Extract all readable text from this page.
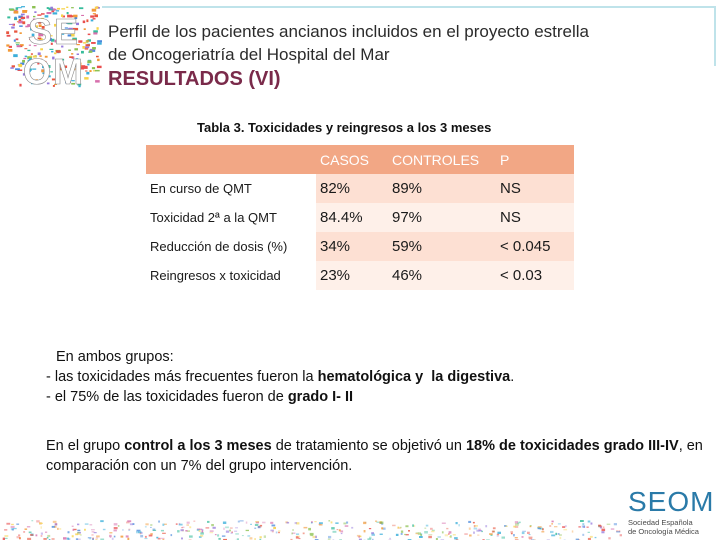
SE
OM
Perfil de los pacientes ancianos incluidos en el proyecto estrella
de Oncogeriatría del Hospital del Mar
RESULTADOS (VI)
Tabla 3. Toxicidades y reingresos a los 3 meses
	CASOS	CONTROLES	P
En curso de QMT	82%	89%	NS
Toxicidad 2ª a la QMT	84.4%	97%	NS
Reducción de dosis (%)	34%	59%	< 0.045
Reingresos x toxicidad	23%	46%	< 0.03
En ambos grupos:
- las toxicidades más frecuentes fueron la hematológica y la digestiva.
- el 75% de las toxicidades fueron de grado I- II
En el grupo control a los 3 meses de tratamiento se objetivó un 18% de toxicidades grado III-IV, en comparación con un 7% del grupo intervención.
SEOM
Sociedad Española
de Oncología Médica
